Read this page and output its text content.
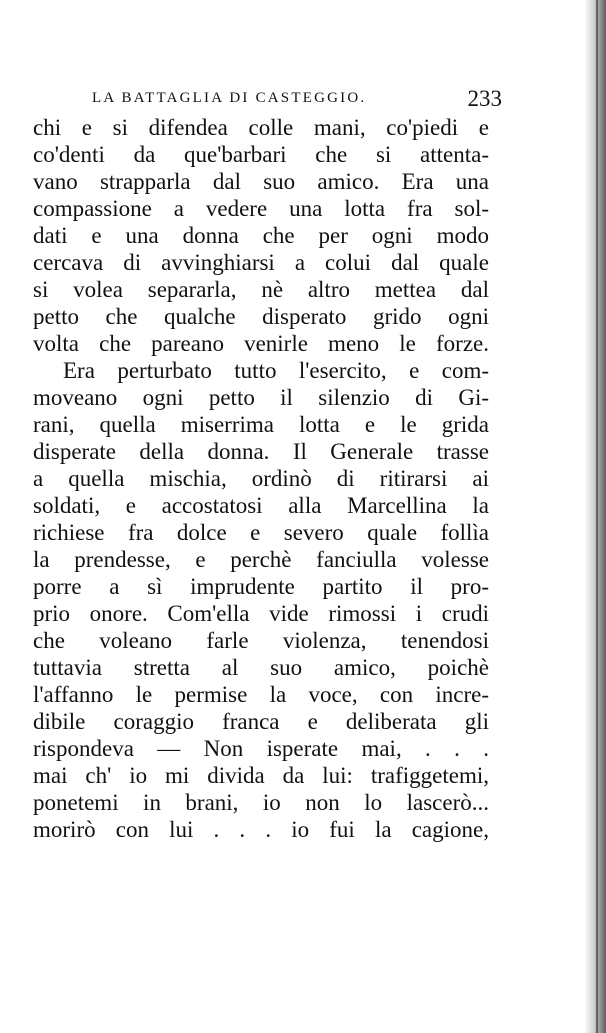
LA BATTAGLIA DI CASTEGGIO.	233
chi e si difendea colle mani, co'piedi e
co'denti da que'barbari che si attenta-
vano strapparla dal suo amico. Era una
compassione a vedere una lotta fra sol-
dati e una donna che per ogni modo
cercava di avvinghiarsi a colui dal quale
si volea separarla, nè altro mettea dal
petto che qualche disperato grido ogni
volta che pareano venirle meno le forze.
Era perturbato tutto l'esercito, e com-
moveano ogni petto il silenzio di Gi-
rani, quella miserrima lotta e le grida
disperate della donna. Il Generale trasse
a quella mischia, ordinò di ritirarsi ai
soldati, e accostatosi alla Marcellina la
richiese fra dolce e severo quale follìa
la prendesse, e perchè fanciulla volesse
porre a sì imprudente partito il pro-
prio onore. Com'ella vide rimossi i crudi
che voleano farle violenza, tenendosi
tuttavia stretta al suo amico, poichè
l'affanno le permise la voce, con incre-
dibile coraggio franca e deliberata gli
rispondeva — Non isperate mai, . . .
mai ch' io mi divida da lui: trafiggetemi,
ponetemi in brani, io non lo lascerò...
morirò con lui . . . io fui la cagione,
